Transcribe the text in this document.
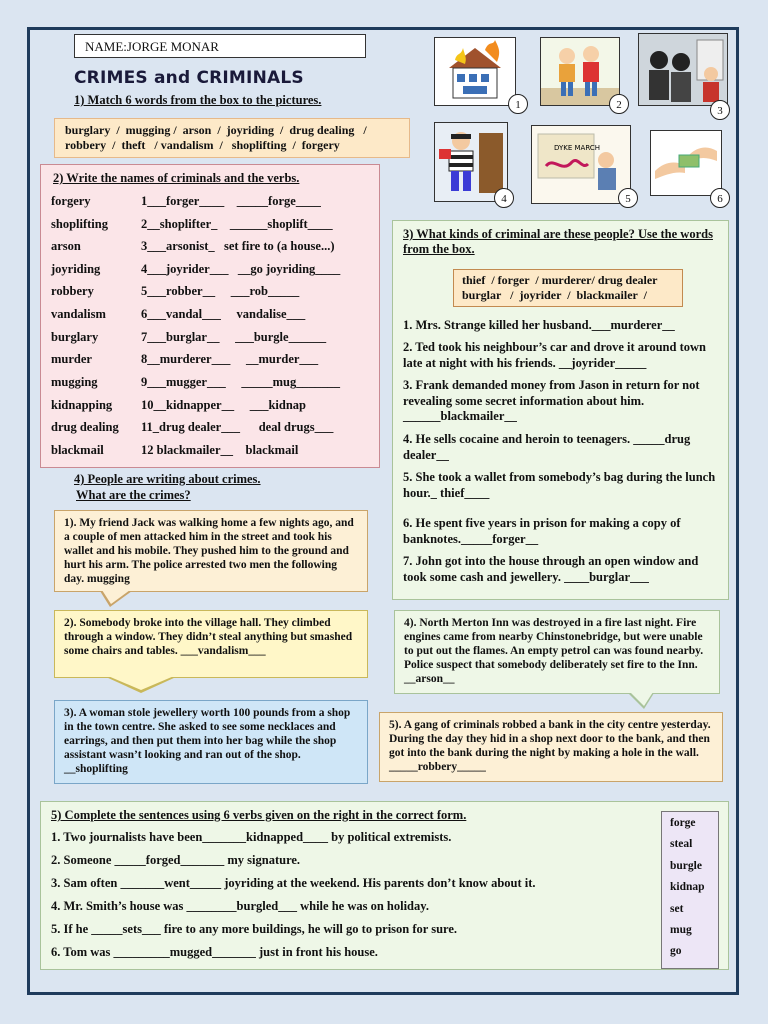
NAME:JORGE MONAR
CRIMES and CRIMINALS
1) Match 6 words from the box to the pictures.
burglary  /  mugging /  arson  /  joyriding  /  drug dealing   /
robbery  /  theft   / vandalism  /   shoplifting  /  forgery
1	2	3
4
DYKE MARCH
5	6
2) Write the names of criminals and the verbs.
forgery	1___forger____    _____forge____
shoplifting	2__shoplifter_    ______shoplift____
arson	3___arsonist_   set fire to (a house...)
joyriding	4___joyrider___   __go joyriding____
robbery	5___robber__     ___rob_____
vandalism	6___vandal___     vandalise___
burglary	7___burglar__     ___burgle______
murder	8__murderer___     __murder___
mugging	9___mugger___     _____mug_______
kidnapping 10__kidnapper__     ___kidnap
drug dealing 11_drug dealer___      deal drugs___
blackmail	12 blackmailer__    blackmail
3) What kinds of criminal are these people? Use the words from the box.
thief  / forger  / murderer/ drug dealer
burglar   /  joyrider  /  blackmailer  /
1. Mrs. Strange killed her husband.___murderer__
2. Ted took his neighbour’s car and drove it around town late at night with his friends. __joyrider_____
3. Frank demanded money from Jason in return for not revealing some secret information about him. ______blackmailer__
4. He sells cocaine and heroin to teenagers. _____drug dealer__
5. She took a wallet from somebody’s bag during the lunch hour._ thief____
6. He spent five years in prison for making a copy of banknotes._____forger__
7. John got into the house through an open window and took some cash and jewellery. ____burglar___
4) People are writing about crimes.
What are the crimes?
1). My friend Jack was walking home a few nights ago, and a couple of men attacked him in the street and took his wallet and his mobile. They pushed him to the ground and hurt his arm. The police arrested two men the following day. mugging
2). Somebody broke into the village hall. They climbed through a window. They didn’t steal anything but smashed some chairs and tables. ___vandalism___
3). A woman stole jewellery worth 100 pounds from a shop in the town centre. She asked to see some necklaces and earrings, and then put them into her bag while the shop assistant wasn’t looking and ran out of the shop. __shoplifting
4). North Merton Inn was destroyed in a fire last night. Fire engines came from nearby Chinstonebridge, but were unable to put out the flames. An empty petrol can was found nearby. Police suspect that somebody deliberately set fire to the Inn. __arson__
5). A gang of criminals robbed a bank in the city centre yesterday. During the day they hid in a shop next door to the bank, and then got into the bank during the night by making a hole in the wall. _____robbery_____
5) Complete the sentences using 6 verbs given on the right in the correct form.
1. Two journalists have been_______kidnapped____ by political extremists.
2. Someone _____forged_______ my signature.
3. Sam often _______went_____ joyriding at the weekend. His parents don’t know about it.
4. Mr. Smith’s house was ________burgled___ while he was on holiday.
5. If he _____sets___ fire to any more buildings, he will go to prison for sure.
6. Tom was _________mugged_______ just in front his house.
forge
steal
burgle
kidnap
set
mug
go
